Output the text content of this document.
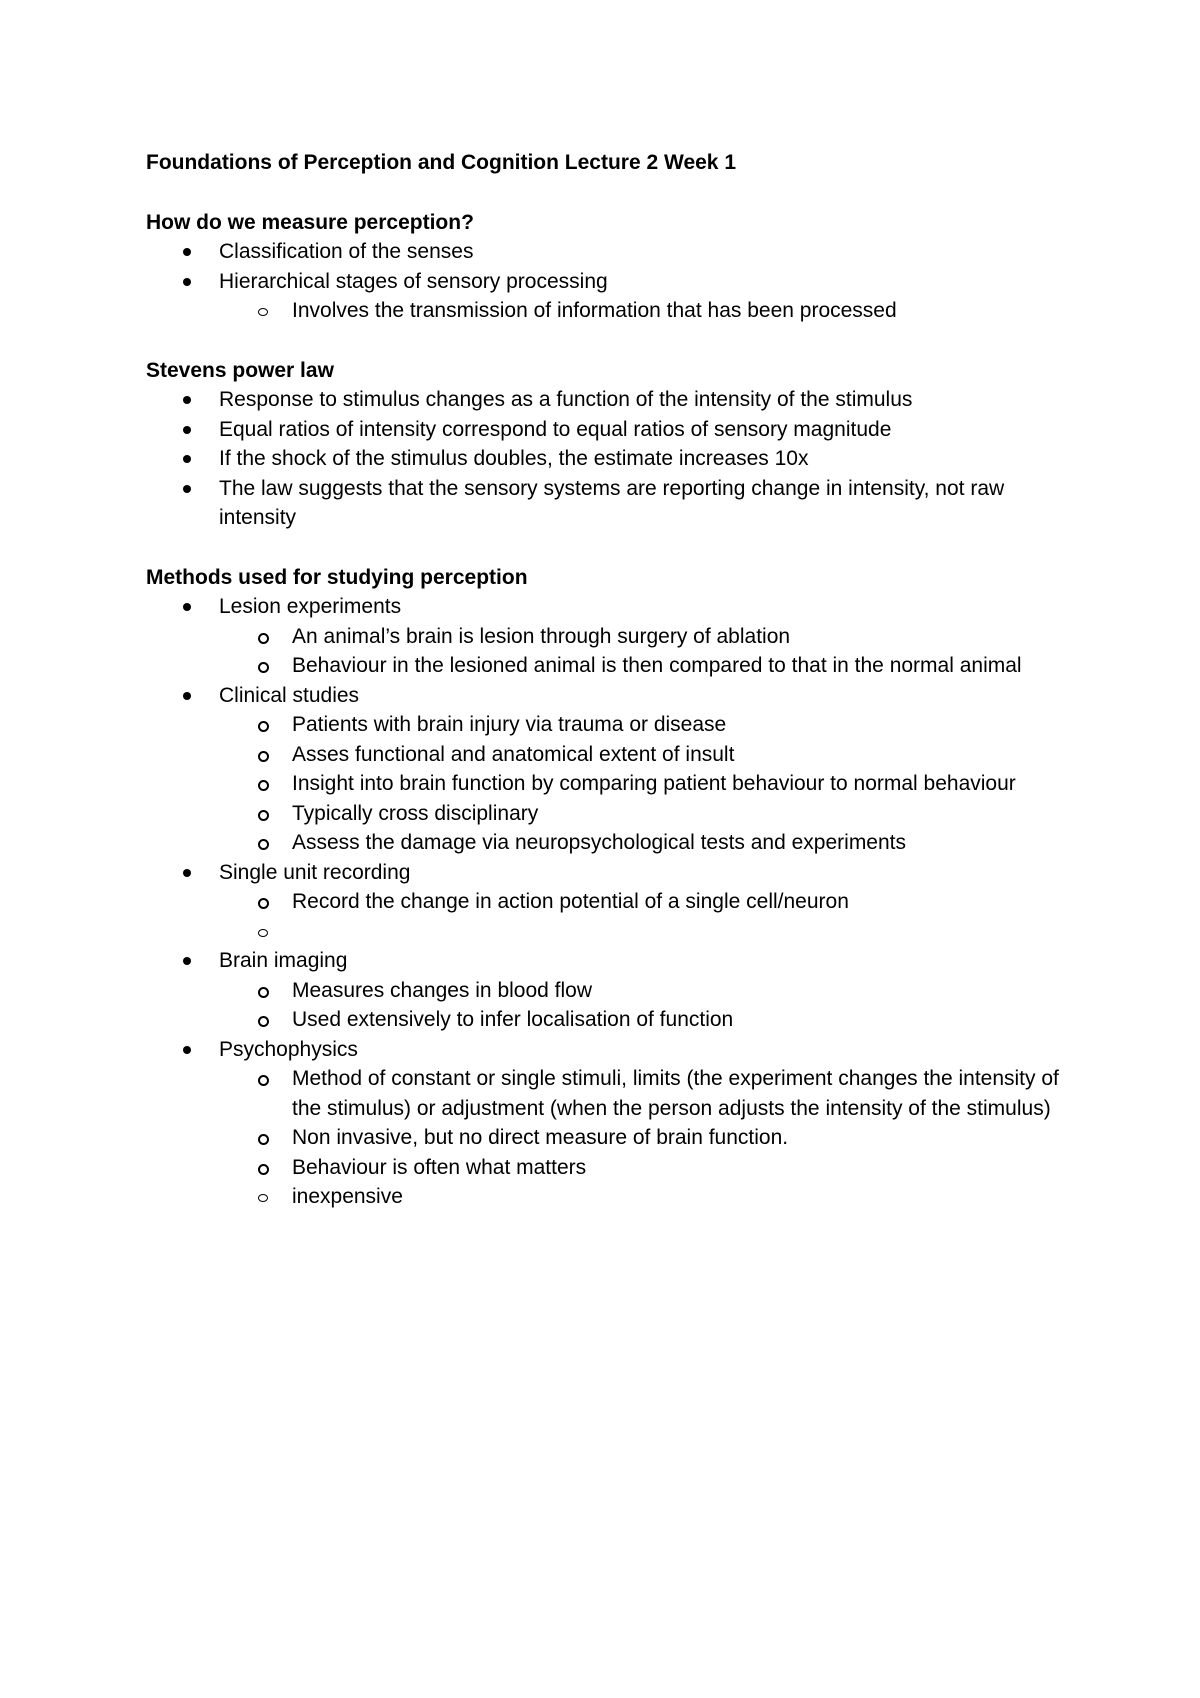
Foundations of Perception and Cognition Lecture 2 Week 1
How do we measure perception?
Classification of the senses
Hierarchical stages of sensory processing
Involves the transmission of information that has been processed
Stevens power law
Response to stimulus changes as a function of the intensity of the stimulus
Equal ratios of intensity correspond to equal ratios of sensory magnitude
If the shock of the stimulus doubles, the estimate increases 10x
The law suggests that the sensory systems are reporting change in intensity, not raw intensity
Methods used for studying perception
Lesion experiments
An animal’s brain is lesion through surgery of ablation
Behaviour in the lesioned animal is then compared to that in the normal animal
Clinical studies
Patients with brain injury via trauma or disease
Asses functional and anatomical extent of insult
Insight into brain function by comparing patient behaviour to normal behaviour
Typically cross disciplinary
Assess the damage via neuropsychological tests and experiments
Single unit recording
Record the change in action potential of a single cell/neuron
Brain imaging
Measures changes in blood flow
Used extensively to infer localisation of function
Psychophysics
Method of constant or single stimuli, limits (the experiment changes the intensity of the stimulus) or adjustment (when the person adjusts the intensity of the stimulus)
Non invasive, but no direct measure of brain function.
Behaviour is often what matters
inexpensive
